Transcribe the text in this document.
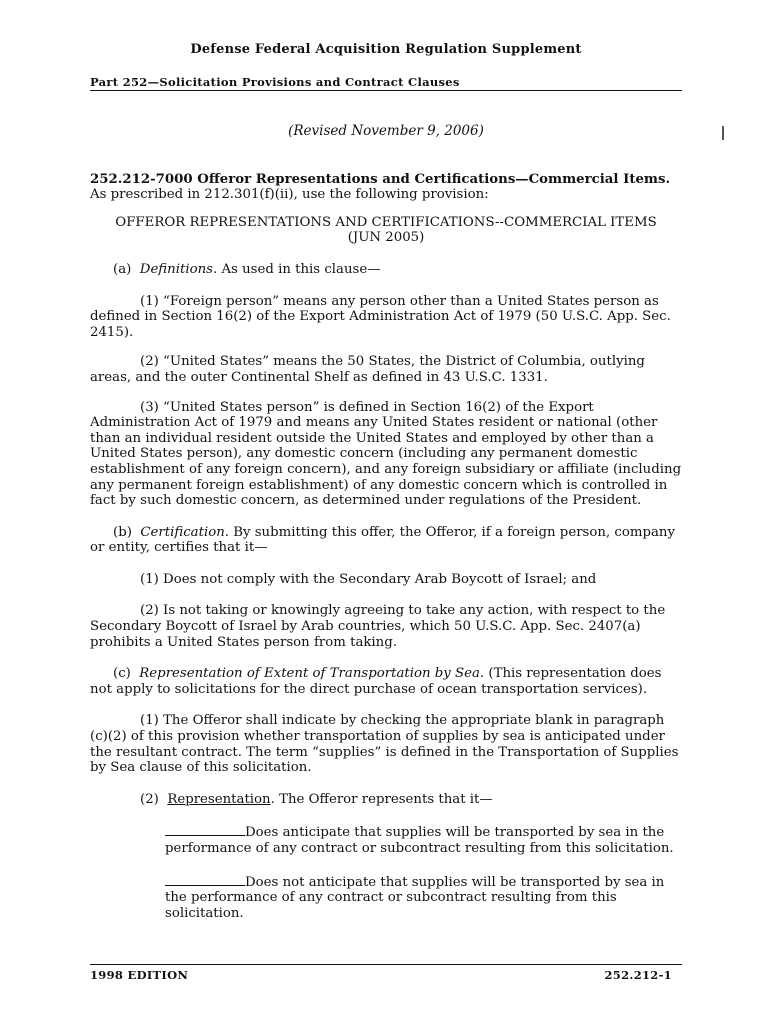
Defense Federal Acquisition Regulation Supplement
Part 252—Solicitation Provisions and Contract Clauses

(Revised November 9, 2006)

252.212-7000 Offeror Representations and Certifications—Commercial Items.

As prescribed in 212.301(f)(ii), use the following provision:

OFFEROR REPRESENTATIONS AND CERTIFICATIONS--COMMERCIAL ITEMS

(JUN 2005)

(a) Definitions. As used in this clause—

(1) “Foreign person” means any person other than a United States person as defined in Section 16(2) of the Export Administration Act of 1979 (50 U.S.C. App. Sec. 2415).

(2) “United States” means the 50 States, the District of Columbia, outlying areas, and the outer Continental Shelf as defined in 43 U.S.C. 1331.

(3) “United States person” is defined in Section 16(2) of the Export Administration Act of 1979 and means any United States resident or national (other than an individual resident outside the United States and employed by other than a United States person), any domestic concern (including any permanent domestic establishment of any foreign concern), and any foreign subsidiary or affiliate (including any permanent foreign establishment) of any domestic concern which is controlled in fact by such domestic concern, as determined under regulations of the President.

(b) Certification. By submitting this offer, the Offeror, if a foreign person, company or entity, certifies that it—

(1) Does not comply with the Secondary Arab Boycott of Israel; and

(2) Is not taking or knowingly agreeing to take any action, with respect to the Secondary Boycott of Israel by Arab countries, which 50 U.S.C. App. Sec. 2407(a) prohibits a United States person from taking.

(c) Representation of Extent of Transportation by Sea. (This representation does not apply to solicitations for the direct purchase of ocean transportation services).

(1) The Offeror shall indicate by checking the appropriate blank in paragraph (c)(2) of this provision whether transportation of supplies by sea is anticipated under the resultant contract. The term “supplies” is defined in the Transportation of Supplies by Sea clause of this solicitation.

(2) Representation. The Offeror represents that it—

Does anticipate that supplies will be transported by sea in the performance of any contract or subcontract resulting from this solicitation.

Does not anticipate that supplies will be transported by sea in the performance of any contract or subcontract resulting from this solicitation.

1998 EDITION	252.212-1
